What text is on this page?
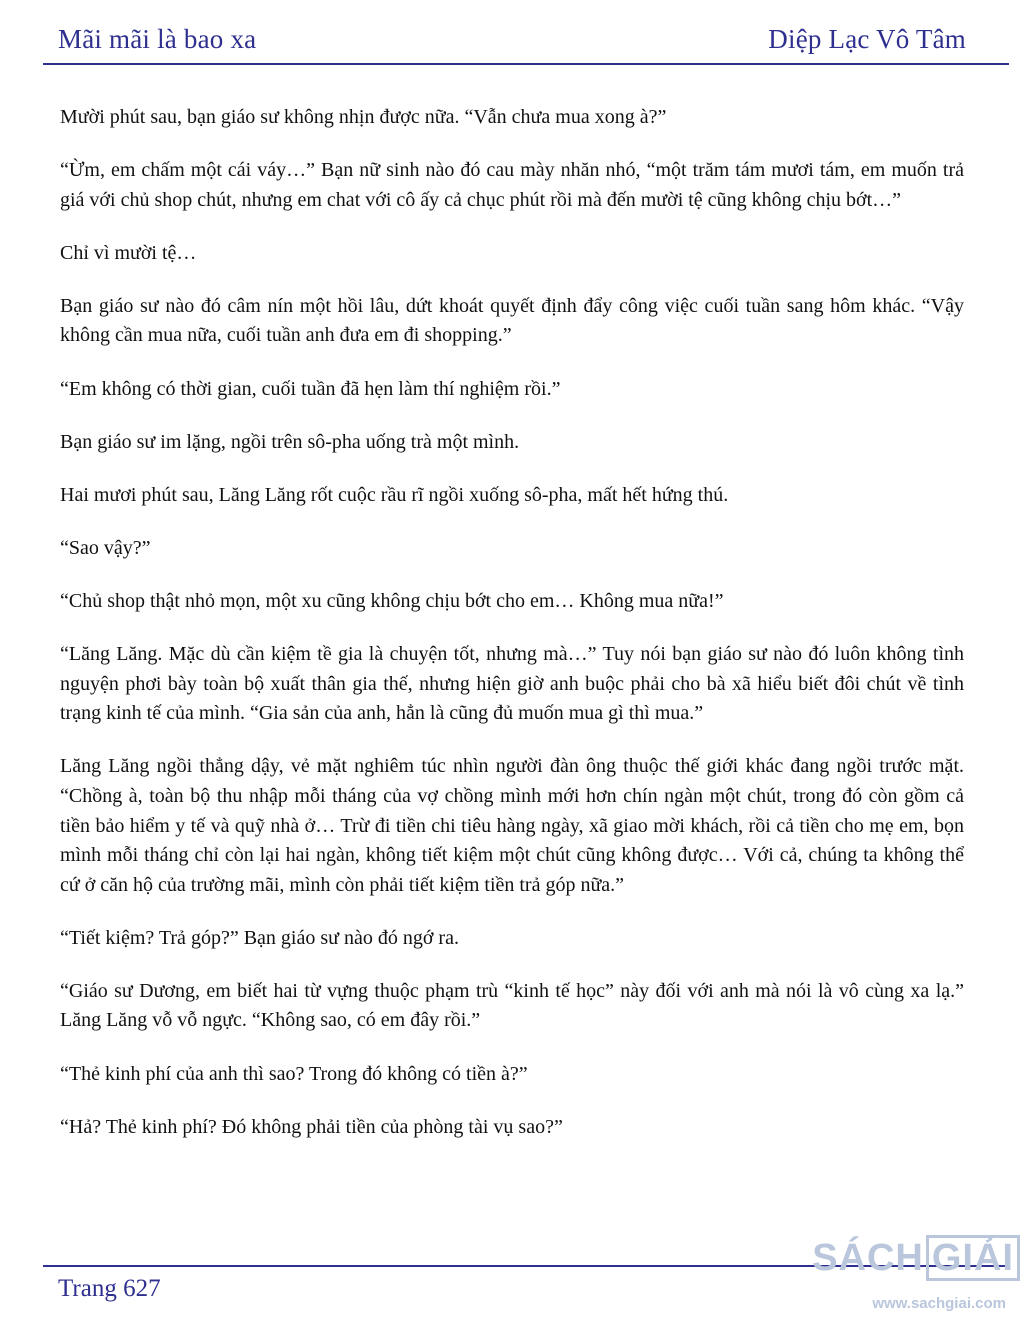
Mãi mãi là bao xa	Diệp Lạc Vô Tâm

Mười phút sau, bạn giáo sư không nhịn được nữa. “Vẫn chưa mua xong à?”

“Ừm, em chấm một cái váy…” Bạn nữ sinh nào đó cau mày nhăn nhó, “một trăm tám mươi tám, em muốn trả giá với chủ shop chút, nhưng em chat với cô ấy cả chục phút rồi mà đến mười tệ cũng không chịu bớt…”

Chỉ vì mười tệ…

Bạn giáo sư nào đó câm nín một hồi lâu, dứt khoát quyết định đẩy công việc cuối tuần sang hôm khác. “Vậy không cần mua nữa, cuối tuần anh đưa em đi shopping.”

“Em không có thời gian, cuối tuần đã hẹn làm thí nghiệm rồi.”

Bạn giáo sư im lặng, ngồi trên sô-pha uống trà một mình.

Hai mươi phút sau, Lăng Lăng rốt cuộc rầu rĩ ngồi xuống sô-pha, mất hết hứng thú.

“Sao vậy?”

“Chủ shop thật nhỏ mọn, một xu cũng không chịu bớt cho em… Không mua nữa!”

“Lăng Lăng. Mặc dù cần kiệm tề gia là chuyện tốt, nhưng mà…” Tuy nói bạn giáo sư nào đó luôn không tình nguyện phơi bày toàn bộ xuất thân gia thế, nhưng hiện giờ anh buộc phải cho bà xã hiểu biết đôi chút về tình trạng kinh tế của mình. “Gia sản của anh, hẳn là cũng đủ muốn mua gì thì mua.”

Lăng Lăng ngồi thẳng dậy, vẻ mặt nghiêm túc nhìn người đàn ông thuộc thế giới khác đang ngồi trước mặt. “Chồng à, toàn bộ thu nhập mỗi tháng của vợ chồng mình mới hơn chín ngàn một chút, trong đó còn gồm cả tiền bảo hiểm y tế và quỹ nhà ở… Trừ đi tiền chi tiêu hàng ngày, xã giao mời khách, rồi cả tiền cho mẹ em, bọn mình mỗi tháng chỉ còn lại hai ngàn, không tiết kiệm một chút cũng không được… Với cả, chúng ta không thể cứ ở căn hộ của trường mãi, mình còn phải tiết kiệm tiền trả góp nữa.”

“Tiết kiệm? Trả góp?” Bạn giáo sư nào đó ngớ ra.

“Giáo sư Dương, em biết hai từ vựng thuộc phạm trù “kinh tế học” này đối với anh mà nói là vô cùng xa lạ.” Lăng Lăng vỗ vỗ ngực. “Không sao, có em đây rồi.”

“Thẻ kinh phí của anh thì sao? Trong đó không có tiền à?”

“Hả? Thẻ kinh phí? Đó không phải tiền của phòng tài vụ sao?”

Trang 627
SÁCH GIẢI
www.sachgiai.com
